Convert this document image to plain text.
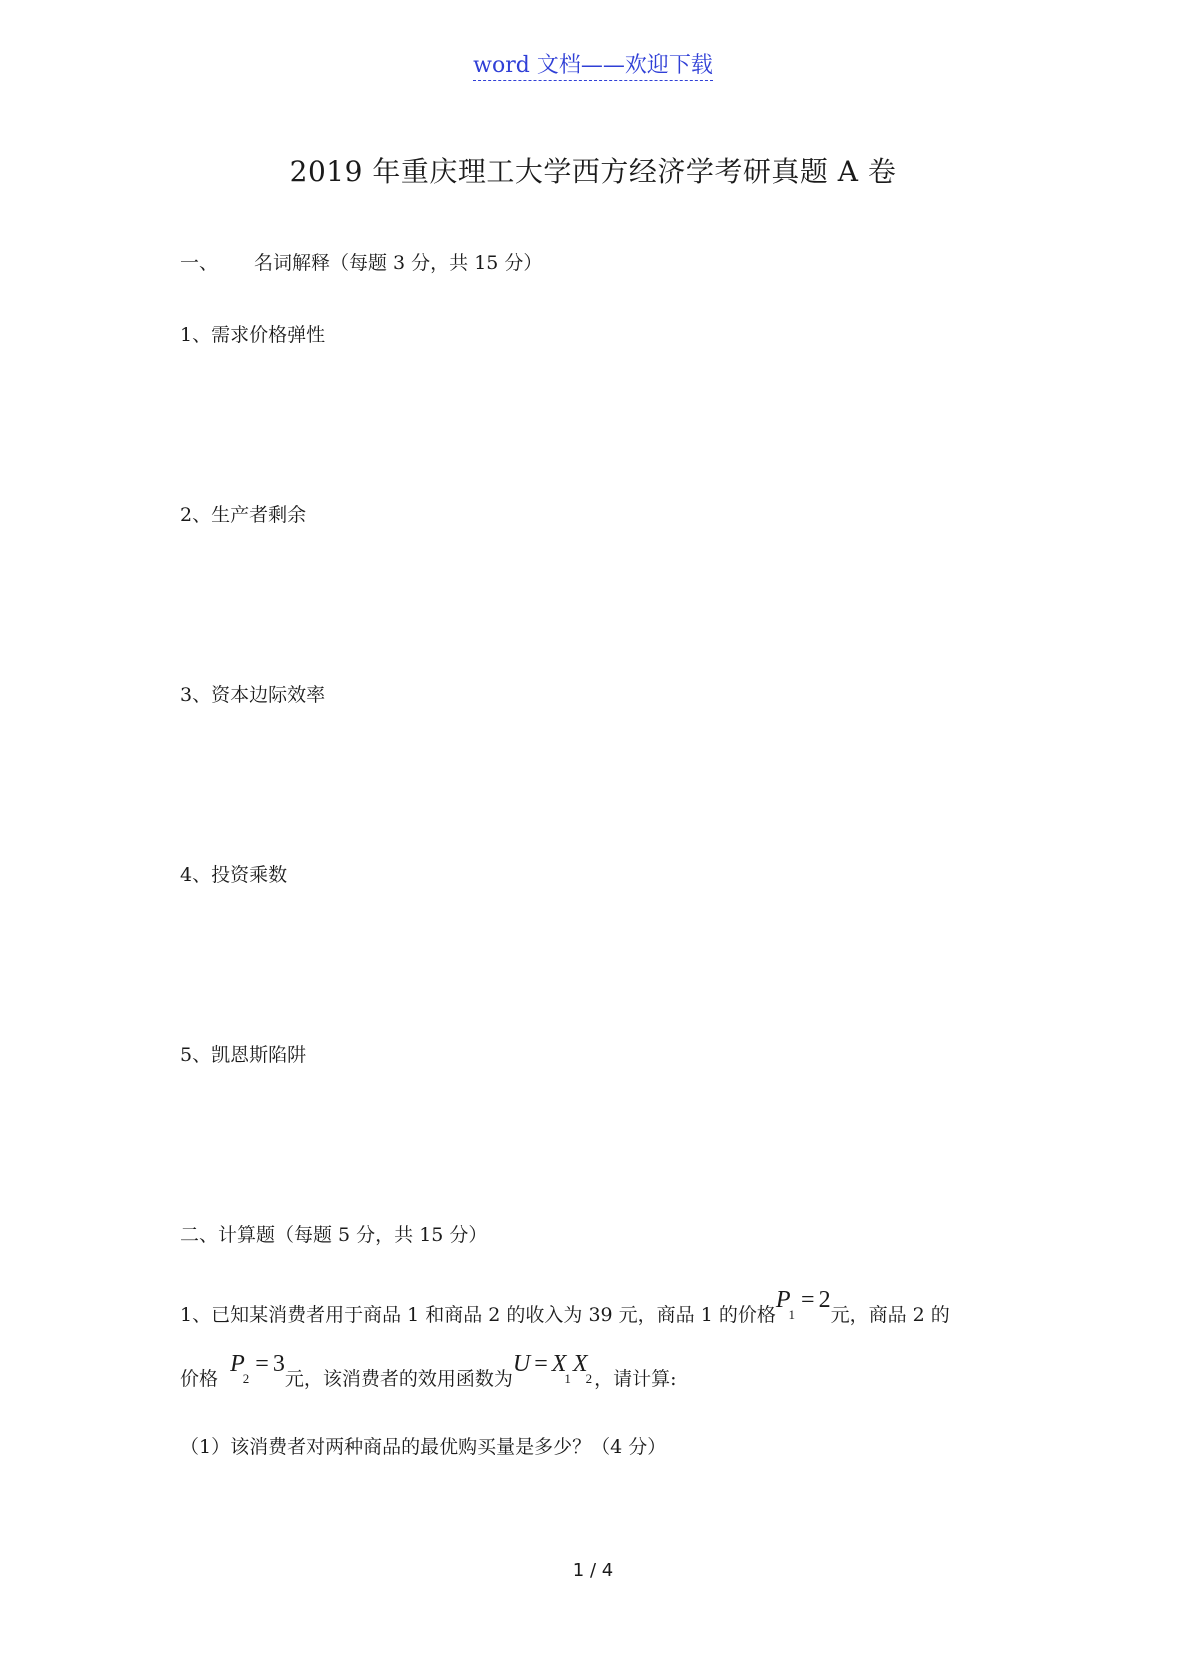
word 文档——欢迎下载
2019 年重庆理工大学西方经济学考研真题 A 卷
一、 名词解释（每题 3 分，共 15 分）
1、需求价格弹性
2、生产者剩余
3、资本边际效率
4、投资乘数
5、凯恩斯陷阱
二、计算题（每题 5 分，共 15 分）
1、已知某消费者用于商品 1 和商品 2 的收入为 39 元，商品 1 的价格$P_1= 2$元，商品 2 的
价格  $P_2= 3$元，该消费者的效用函数为$U = X_1X_2$ ，请计算:
（1）该消费者对两种商品的最优购买量是多少？（4 分）
1 / 4
